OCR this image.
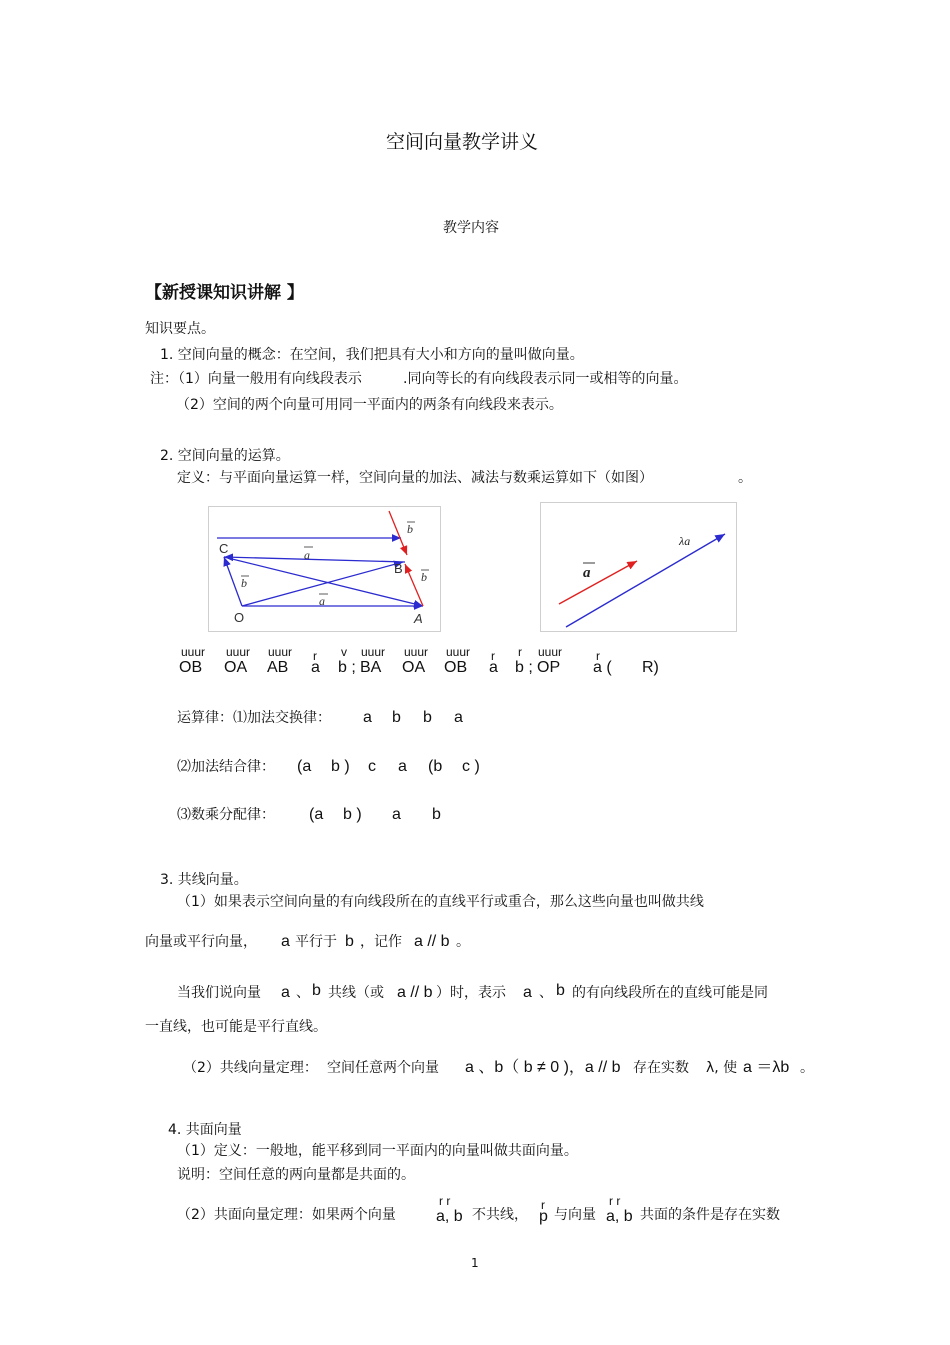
空间向量教学讲义
教学内容
【新授课知识讲解 】
知识要点。
1. 空间向量的概念：在空间，我们把具有大小和方向的量叫做向量。
注：（1）向量一般用有向线段表示	.同向等长的有向线段表示同一或相等的向量。
（2）空间的两个向量可用同一平面内的两条有向线段来表示。
2. 空间向量的运算。
定义：与平面向量运算一样，空间向量的加法、减法与数乘运算如下（如图）	。
C
O	A
B
a
a
b
b
b	a
λa
uuur uuur uuur r v uuur uuur uuur r r uuur	r
OB OA AB a b ; BA OA OB a b ; OP a ( R)
运算律：⑴加法交换律： a b b a
⑵加法结合律： (a b ) c a (b c )
⑶数乘分配律： (a b ) a b
3. 共线向量。
（1）如果表示空间向量的有向线段所在的直线平行或重合，那么这些向量也叫做共线
向量或平行向量， a 平行于 b ，记作 a // b 。
当我们说向量 a 、 b 共线（或 a // b ）时，表示 a 、 b 的有向线段所在的直线可能是同
一直线，也可能是平行直线。
（2）共线向量定理： 空间任意两个向量 a 、b（ b ≠ 0 )，a // b 存在实数 λ, 使 a ＝λb 。
4. 共面向量
（1）定义：一般地，能平移到同一平面内的向量叫做共面向量。
说明：空间任意的两向量都是共面的。
（2）共面向量定理：如果两个向量
r r
a, b 不共线，
r
p 与向量
r r
a, b 共面的条件是存在实数
1
